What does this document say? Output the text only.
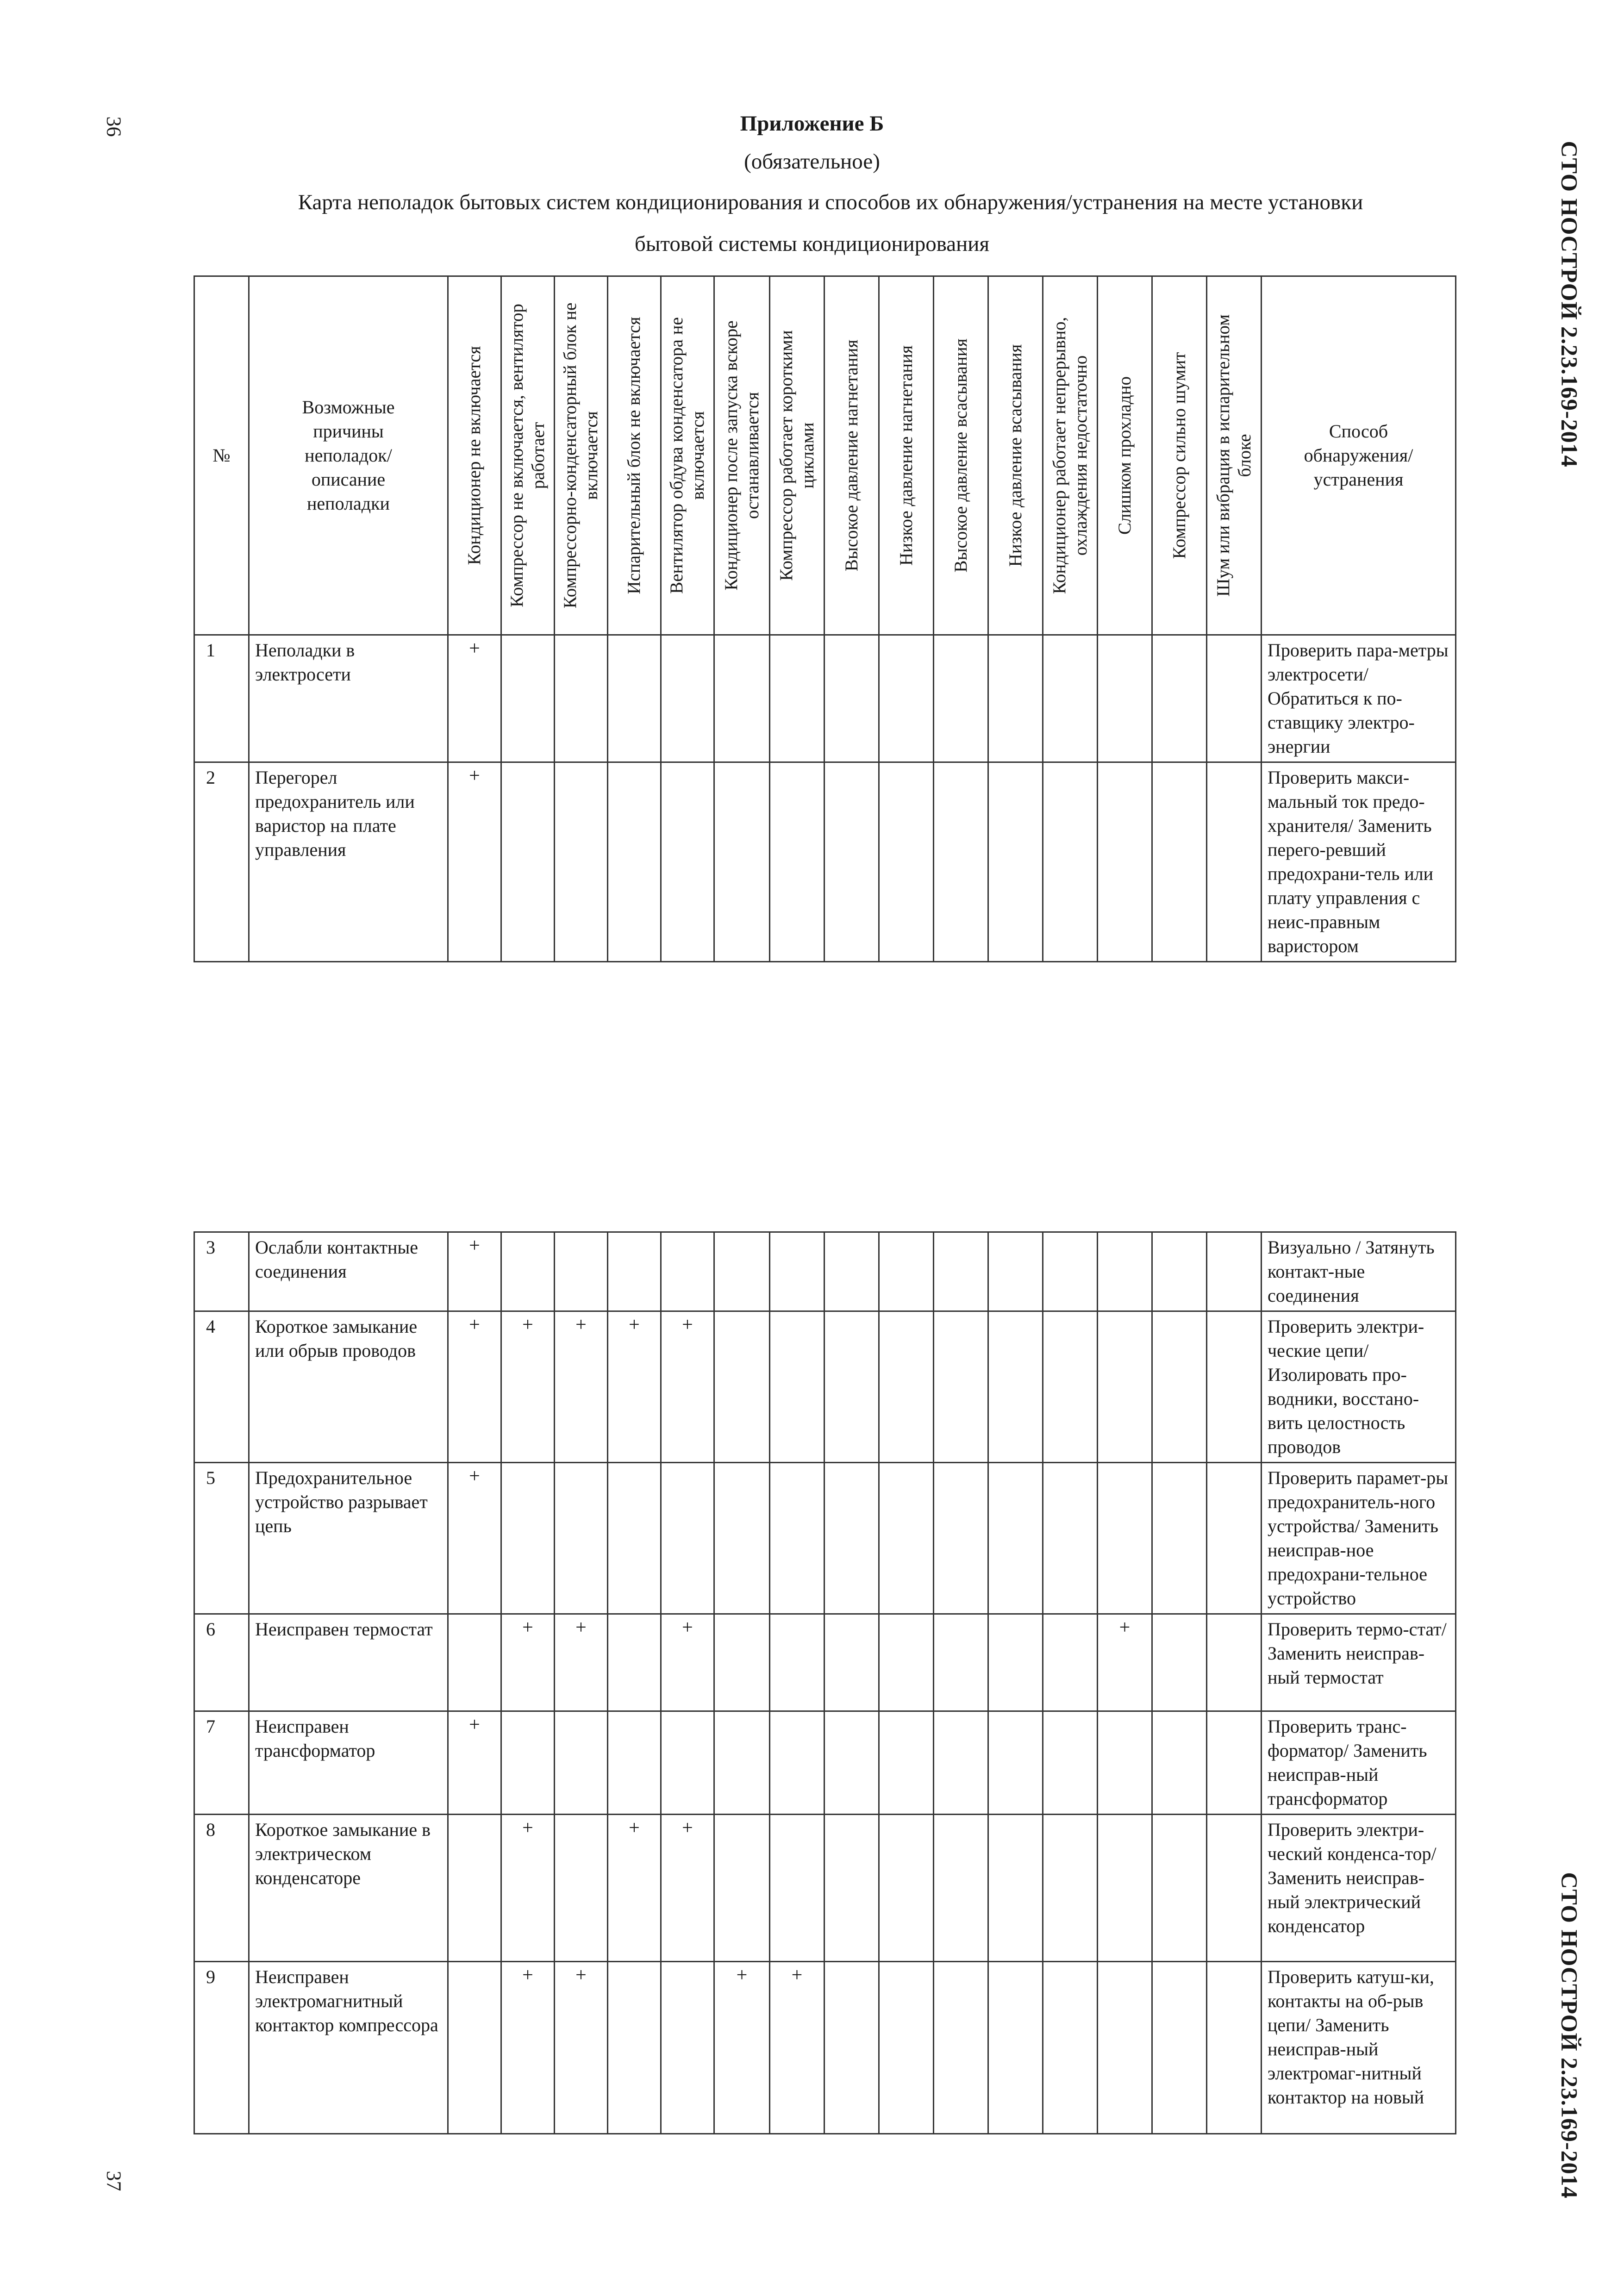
36
37
СТО НОСТРОЙ 2.23.169-2014
СТО НОСТРОЙ 2.23.169-2014
Приложение Б
(обязательное)
Карта неполадок бытовых систем кондиционирования и способов их обнаружения/устранения на месте установки
бытовой системы кондиционирования
№	Возможные причины неполадок/ описание неполадки	Кондиционер не включается	Компрессор не включается, вентилятор работает	Компрессорно-конденсаторный блок не включается	Испарительный блок не включается	Вентилятор обдува конденсатора не включается	Кондиционер после запуска вскоре останавливается	Компрессор работает короткими циклами	Высокое давление нагнетания	Низкое давление нагнетания	Высокое давление всасывания	Низкое давление всасывания	Кондиционер работает непрерывно, охлаждения недостаточно	Слишком прохладно	Компрессор сильно шумит	Шум или вибрация в испарительном блоке	Способ обнаружения/ устранения
1	Неполадки в электросети	+															Проверить пара-метры электросети/ Обратиться к по-ставщику электро-энергии
2	Перегорел предохранитель или варистор на плате управления	+															Проверить макси-мальный ток предо-хранителя/ Заменить перего-ревший предохрани-тель или плату управления с неис-правным варистором
3	Ослабли контактные соединения	+															Визуально / Затянуть контакт-ные соединения
4	Короткое замыкание или обрыв проводов	+	+	+	+	+											Проверить электри-ческие цепи/ Изолировать про-водники, восстано-вить целостность проводов
5	Предохранительное устройство разрывает цепь	+															Проверить парамет-ры предохранитель-ного устройства/ Заменить неисправ-ное предохрани-тельное устройство
6	Неисправен термостат		+	+		+								+			Проверить термо-стат/ Заменить неисправ-ный термостат
7	Неисправен трансформатор	+															Проверить транс-форматор/ Заменить неисправ-ный трансформатор
8	Короткое замыкание в электрическом конденсаторе		+		+	+											Проверить электри-ческий конденса-тор/ Заменить неисправ-ный электрический конденсатор
9	Неисправен электромагнитный контактор компрессора		+	+			+	+									Проверить катуш-ки, контакты на об-рыв цепи/ Заменить неисправ-ный электромаг-нитный контактор на новый
